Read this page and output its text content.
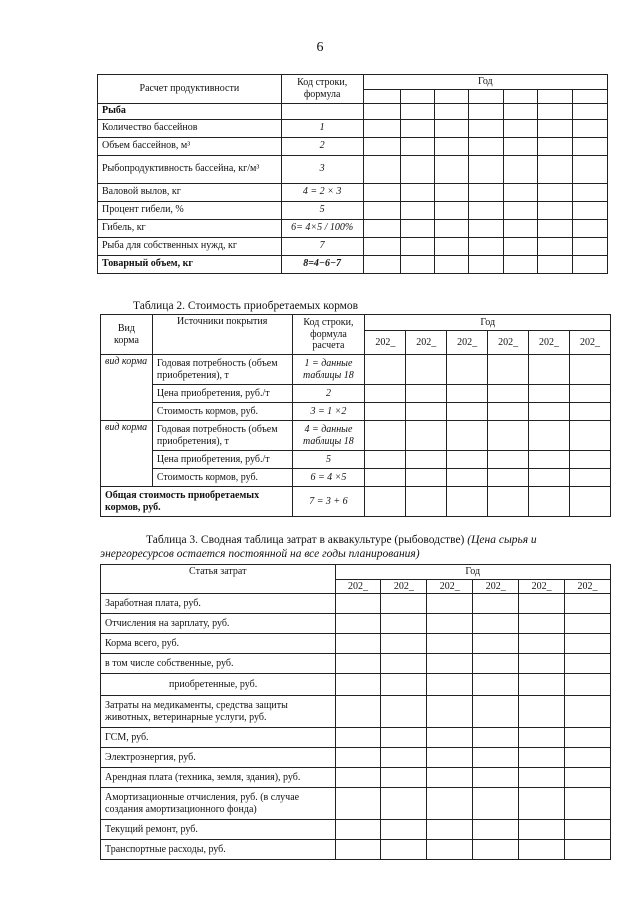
6
Расчет продуктивности	Код строки, формула	Год						

Рыба								
Количество бассейнов	1							
Объем бассейнов, м³	2							
Рыбопродуктивность бассейна, кг/м³	3							
Валовой вылов, кг	4 = 2 × 3							
Процент гибели, %	5							
Гибель, кг	6= 4×5 / 100%							
Рыба для собственных нужд, кг	7							
Товарный объем, кг	8=4−6−7							
Таблица 2. Стоимость приобретаемых кормов
Вид корма	Источники покрытия	Код строки, формула расчета	Год					
			202_	202_	202_	202_	202_	202_
вид корма	Годовая потребность (объем приобретения), т	1 = данные таблицы 18						
	Цена приобретения, руб./т	2						
	Стоимость кормов, руб.	3 = 1 ×2						
вид корма	Годовая потребность (объем приобретения), т	4 = данные таблицы 18						
	Цена приобретения, руб./т	5						
	Стоимость кормов, руб.	6 = 4 ×5						
Общая стоимость приобретаемых кормов, руб.		7 = 3 + 6						
Таблица 3. Сводная таблица затрат в аквакультуре (рыбоводстве) (Цена сырья и энергоресурсов остается постоянной на все годы планирования)
Статья затрат	Год					
	202_	202_	202_	202_	202_	202_
Заработная плата, руб.						
Отчисления на зарплату, руб.						
Корма всего, руб.						
в том числе собственные, руб.						
приобретенные, руб.						
Затраты на медикаменты, средства защиты животных, ветеринарные услуги, руб.						
ГСМ, руб.						
Электроэнергия, руб.						
Арендная плата (техника, земля, здания), руб.						
Амортизационные отчисления, руб. (в случае создания амортизационного фонда)						
Текущий ремонт, руб.						
Транспортные расходы, руб.						
